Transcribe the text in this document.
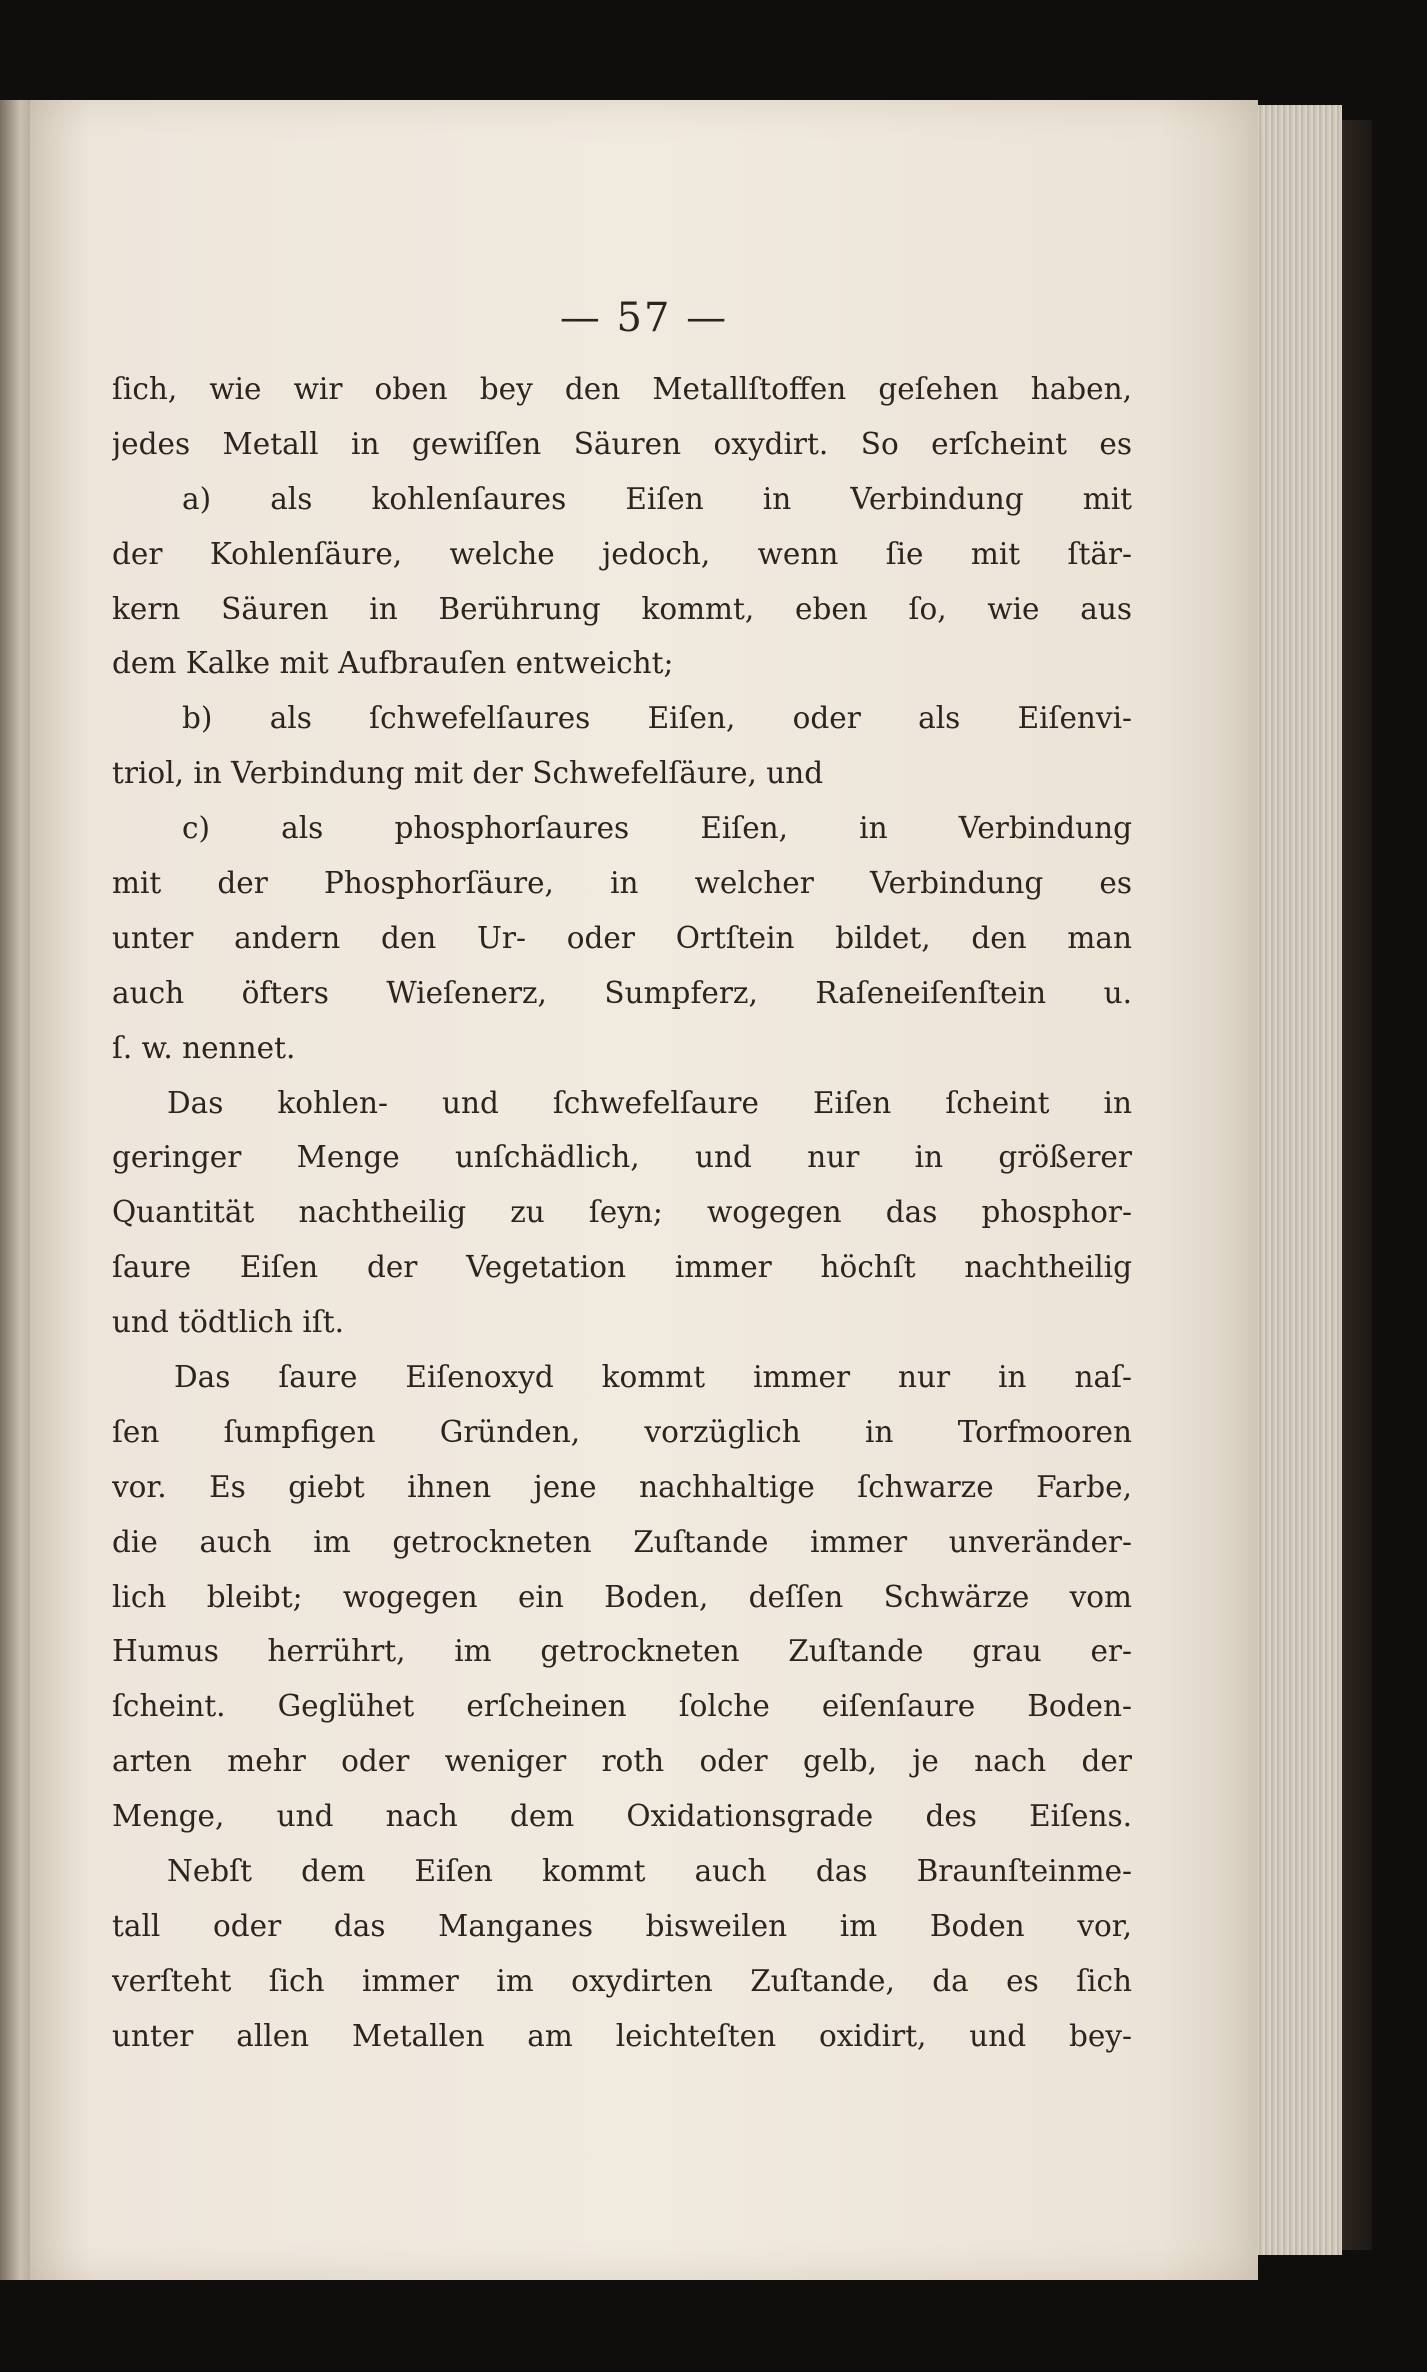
— 57 —
ſich, wie wir oben bey den Metallſtoffen geſehen haben,
jedes Metall in gewiſſen Säuren oxydirt. So erſcheint es
a) als kohlenſaures Eiſen in Verbindung mit
der Kohlenſäure, welche jedoch, wenn ſie mit ſtär-
kern Säuren in Berührung kommt, eben ſo, wie aus
dem Kalke mit Aufbrauſen entweicht;
b) als ſchwefelſaures Eiſen, oder als Eiſenvi-
triol, in Verbindung mit der Schwefelſäure, und
c) als phosphorſaures Eiſen, in Verbindung
mit der Phosphorſäure, in welcher Verbindung es
unter andern den Ur- oder Ortſtein bildet, den man
auch öfters Wieſenerz, Sumpferz, Raſeneiſenſtein u.
ſ. w. nennet.
Das kohlen- und ſchwefelſaure Eiſen ſcheint in
geringer Menge unſchädlich, und nur in größerer
Quantität nachtheilig zu ſeyn; wogegen das phosphor-
ſaure Eiſen der Vegetation immer höchſt nachtheilig
und tödtlich iſt.
Das ſaure Eiſenoxyd kommt immer nur in naſ-
ſen ſumpfigen Gründen, vorzüglich in Torfmooren
vor. Es giebt ihnen jene nachhaltige ſchwarze Farbe,
die auch im getrockneten Zuſtande immer unveränder-
lich bleibt; wogegen ein Boden, deſſen Schwärze vom
Humus herrührt, im getrockneten Zuſtande grau er-
ſcheint. Geglühet erſcheinen ſolche eiſenſaure Boden-
arten mehr oder weniger roth oder gelb, je nach der
Menge, und nach dem Oxidationsgrade des Eiſens.
Nebſt dem Eiſen kommt auch das Braunſteinme-
tall oder das Manganes bisweilen im Boden vor,
verſteht ſich immer im oxydirten Zuſtande, da es ſich
unter allen Metallen am leichteſten oxidirt, und bey-
